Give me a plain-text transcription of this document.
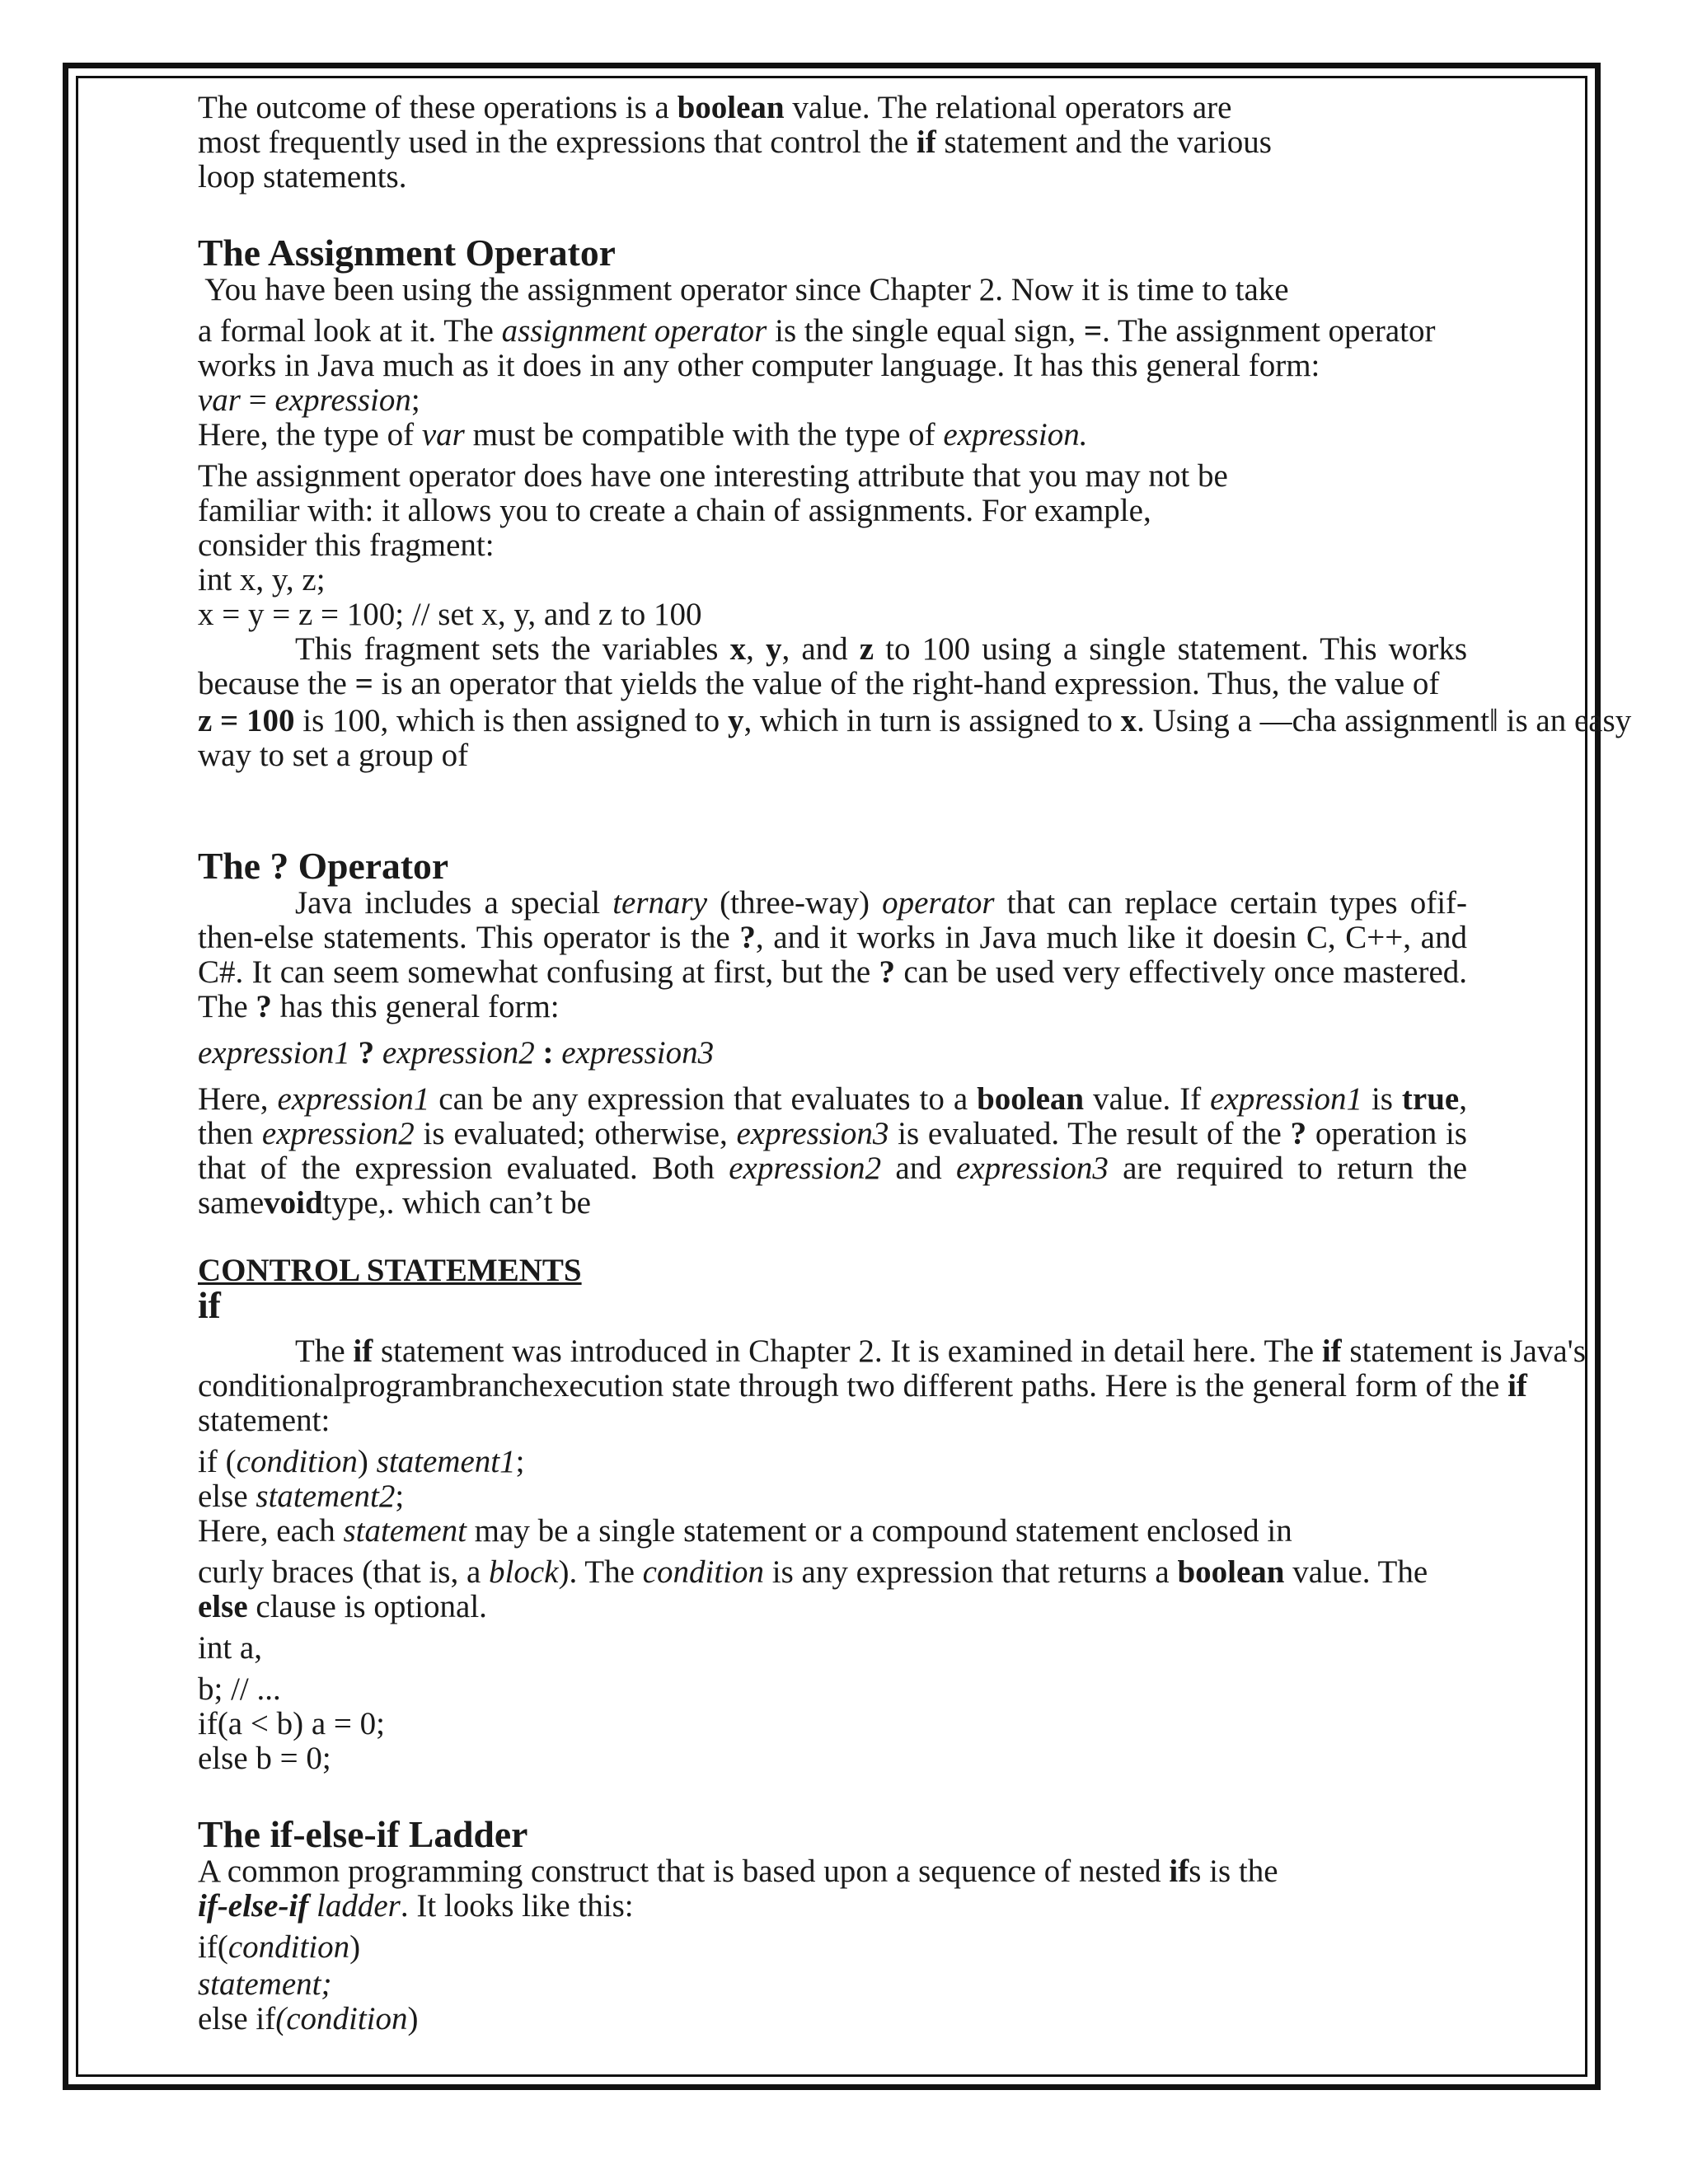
The outcome of these operations is a boolean value. The relational operators are

most frequently used in the expressions that control the if statement and the various

loop statements.

The Assignment Operator

You have been using the assignment operator since Chapter 2. Now it is time to take

a formal look at it. The assignment operator is the single equal sign, =. The assignment operator

works in Java much as it does in any other computer language. It has this general form:

var = expression;

Here, the type of var must be compatible with the type of expression.

The assignment operator does have one interesting attribute that you may not be

familiar with: it allows you to create a chain of assignments. For example,

consider this fragment:

int x, y, z;

x = y = z = 100; // set x, y, and z to 100

This fragment sets the variables x, y, and z to 100 using a single statement. This works because the = is an operator that yields the value of the right-hand expression. Thus, the value of

z = 100 is 100, which is then assigned to y, which in turn is assigned to x. Using a ―cha assignment‖ is an easy

way to set a group of

The ? Operator

Java includes a special ternary (three-way) operator that can replace certain types ofif-then-else statements. This operator is the ?, and it works in Java much like it doesin C, C++, and C#. It can seem somewhat confusing at first, but the ? can be used very effectively once mastered. The ? has this general form:

expression1 ? expression2 : expression3

Here, expression1 can be any expression that evaluates to a boolean value. If expression1 is true, then expression2 is evaluated; otherwise, expression3 is evaluated. The result of the ? operation is that of the expression evaluated. Both expression2 and expression3 are required to return the samevoidtype,. which can’t be

CONTROL STATEMENTS
if

The if statement was introduced in Chapter 2. It is examined in detail here. The if statement is Java's

conditionalprogrambranchexecution state through two different paths. Here is the general form of the if

statement:

if (condition) statement1;

else statement2;

Here, each statement may be a single statement or a compound statement enclosed in

curly braces (that is, a block). The condition is any expression that returns a boolean value. The

else clause is optional.

int a,

b; // ...

if(a < b) a = 0;

else b = 0;

The if-else-if Ladder

A common programming construct that is based upon a sequence of nested ifs is the

if-else-if ladder. It looks like this:

if(condition)

statement;

else if(condition)
